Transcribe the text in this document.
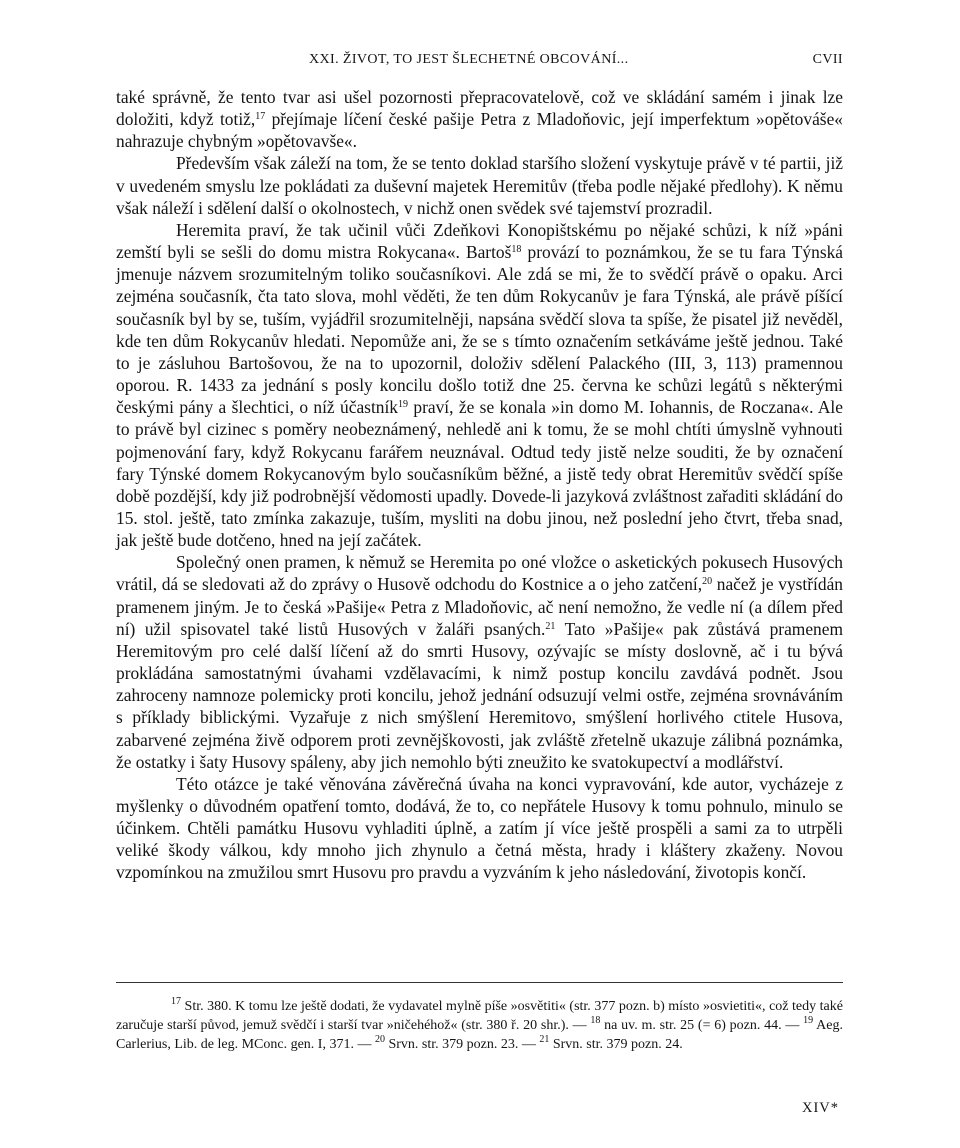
XXI. ŽIVOT, TO JEST ŠLECHETNÉ OBCOVÁNÍ...	CVII

také správně, že tento tvar asi ušel pozornosti přepracovatelově, což ve skládání samém i jinak lze doložiti, když totiž,$^{17}$ přejímaje líčení české pašije Petra z Mladoňovic, její imperfektum »opětováše« nahrazuje chybným »opětovavše«.

Především však záleží na tom, že se tento doklad staršího složení vyskytuje právě v té partii, již v uvedeném smyslu lze pokládati za duševní majetek Heremitův (třeba podle nějaké předlohy). K němu však náleží i sdělení další o okolnostech, v nichž onen svědek své tajemství prozradil.

Heremita praví, že tak učinil vůči Zdeňkovi Konopištskému po nějaké schůzi, k níž »páni zemští byli se sešli do domu mistra Rokycana«. Bartoš$^{18}$ provází to poznámkou, že se tu fara Týnská jmenuje názvem srozumitelným toliko současníkovi. Ale zdá se mi, že to svědčí právě o opaku. Arci zejména současník, čta tato slova, mohl věděti, že ten dům Rokycanův je fara Týnská, ale právě píšící současník byl by se, tuším, vyjádřil srozumitelněji, napsána svědčí slova ta spíše, že pisatel již nevěděl, kde ten dům Rokycanův hledati. Nepomůže ani, že se s tímto označením setkáváme ještě jednou. Také to je zásluhou Bartošovou, že na to upozornil, doloživ sdělení Palackého (III, 3, 113) pramennou oporou. R. 1433 za jednání s posly koncilu došlo totiž dne 25. června ke schůzi legátů s některými českými pány a šlechtici, o níž účastník$^{19}$ praví, že se konala »in domo M. Iohannis, de Roczana«. Ale to právě byl cizinec s poměry neobeznámený, nehledě ani k tomu, že se mohl chtíti úmyslně vyhnouti pojmenování fary, když Rokycanu farářem neuznával. Odtud tedy jistě nelze souditi, že by označení fary Týnské domem Rokycanovým bylo současníkům běžné, a jistě tedy obrat Heremitův svědčí spíše době pozdější, kdy již podrobnější vědomosti upadly. Dovede-li jazyková zvláštnost zařaditi skládání do 15. stol. ještě, tato zmínka zakazuje, tuším, mysliti na dobu jinou, než poslední jeho čtvrt, třeba snad, jak ještě bude dotčeno, hned na její začátek.

Společný onen pramen, k němuž se Heremita po oné vložce o asketických pokusech Husových vrátil, dá se sledovati až do zprávy o Husově odchodu do Kostnice a o jeho zatčení,$^{20}$ načež je vystřídán pramenem jiným. Je to česká »Pašije« Petra z Mladoňovic, ač není nemožno, že vedle ní (a dílem před ní) užil spisovatel také listů Husových v žaláři psaných.$^{21}$ Tato »Pašije« pak zůstává pramenem Heremitovým pro celé další líčení až do smrti Husovy, ozývajíc se místy doslovně, ač i tu bývá prokládána samostatnými úvahami vzdělavacími, k nimž postup koncilu zavdává podnět. Jsou zahroceny namnoze polemicky proti koncilu, jehož jednání odsuzují velmi ostře, zejména srovnáváním s příklady biblickými. Vyzařuje z nich smýšlení Heremitovo, smýšlení horlivého ctitele Husova, zabarvené zejména živě odporem proti zevnějškovosti, jak zvláště zřetelně ukazuje zálibná poznámka, že ostatky i šaty Husovy spáleny, aby jich nemohlo býti zneužito ke svatokupectví a modlářství.

Této otázce je také věnována závěrečná úvaha na konci vypravování, kde autor, vycházeje z myšlenky o důvodném opatření tomto, dodává, že to, co nepřátele Husovy k tomu pohnulo, minulo se účinkem. Chtěli památku Husovu vyhladiti úplně, a zatím jí více ještě prospěli a sami za to utrpěli veliké škody válkou, kdy mnoho jich zhynulo a četná města, hrady i kláštery zkaženy. Novou vzpomínkou na zmužilou smrt Husovu pro pravdu a vyzváním k jeho následování, životopis končí.

$^{17}$ Str. 380. K tomu lze ještě dodati, že vydavatel mylně píše »osvětiti« (str. 377 pozn. b) místo »osvietiti«, což tedy také zaručuje starší původ, jemuž svědčí i starší tvar »ničehéhož« (str. 380 ř. 20 shr.). — $^{18}$ na uv. m. str. 25 (= 6) pozn. 44. — $^{19}$ Aeg. Carlerius, Lib. de leg. MConc. gen. I, 371. — $^{20}$ Srvn. str. 379 pozn. 23. — $^{21}$ Srvn. str. 379 pozn. 24.

XIV*
